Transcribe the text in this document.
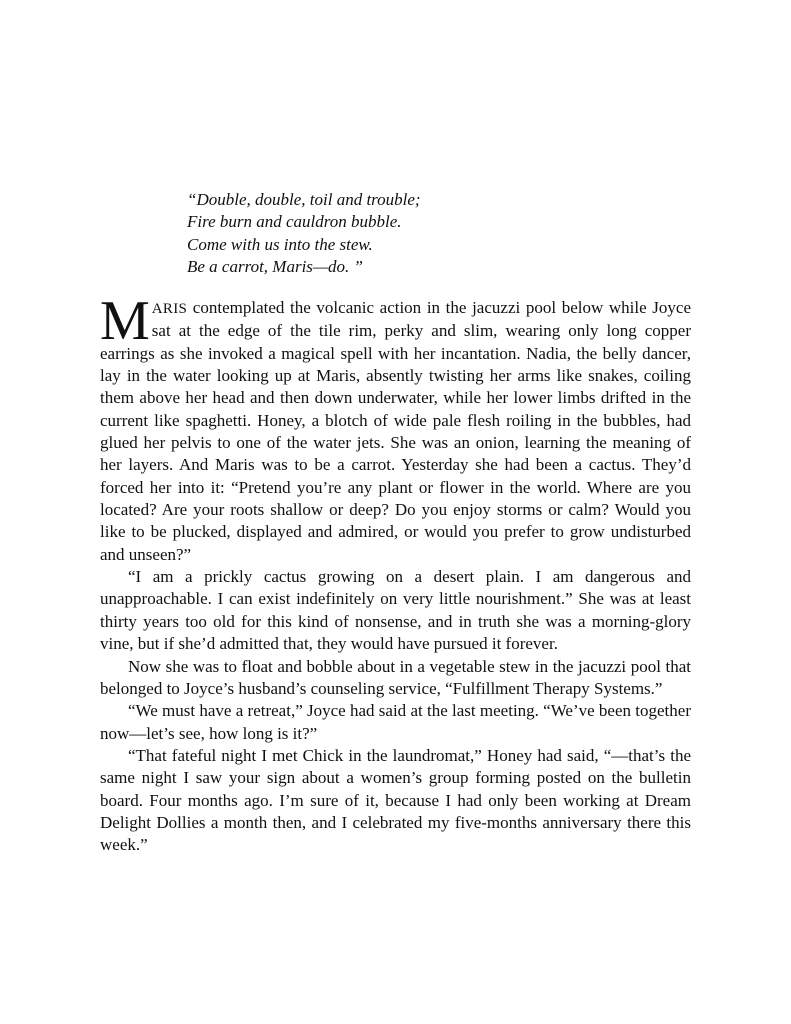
“Double, double, toil and trouble;
Fire burn and cauldron bubble.
Come with us into the stew.
Be a carrot, Maris—do. ”

MARIS contemplated the volcanic action in the jacuzzi pool below while Joyce sat at the edge of the tile rim, perky and slim, wearing only long copper earrings as she invoked a magical spell with her incantation. Nadia, the belly dancer, lay in the water looking up at Maris, absently twisting her arms like snakes, coiling them above her head and then down underwater, while her lower limbs drifted in the current like spaghetti. Honey, a blotch of wide pale flesh roiling in the bubbles, had glued her pelvis to one of the water jets. She was an onion, learning the meaning of her layers. And Maris was to be a carrot. Yesterday she had been a cactus. They’d forced her into it: “Pretend you’re any plant or flower in the world. Where are you located? Are your roots shallow or deep? Do you enjoy storms or calm? Would you like to be plucked, displayed and admired, or would you prefer to grow undisturbed and unseen?”

“I am a prickly cactus growing on a desert plain. I am dangerous and unapproachable. I can exist indefinitely on very little nourishment.” She was at least thirty years too old for this kind of nonsense, and in truth she was a morning-glory vine, but if she’d admitted that, they would have pursued it forever.

Now she was to float and bobble about in a vegetable stew in the jacuzzi pool that belonged to Joyce’s husband’s counseling service, “Fulfillment Therapy Systems.”

“We must have a retreat,” Joyce had said at the last meeting. “We’ve been together now—let’s see, how long is it?”

“That fateful night I met Chick in the laundromat,” Honey had said, “—that’s the same night I saw your sign about a women’s group forming posted on the bulletin board. Four months ago. I’m sure of it, because I had only been working at Dream Delight Dollies a month then, and I celebrated my five-months anniversary there this week.”
